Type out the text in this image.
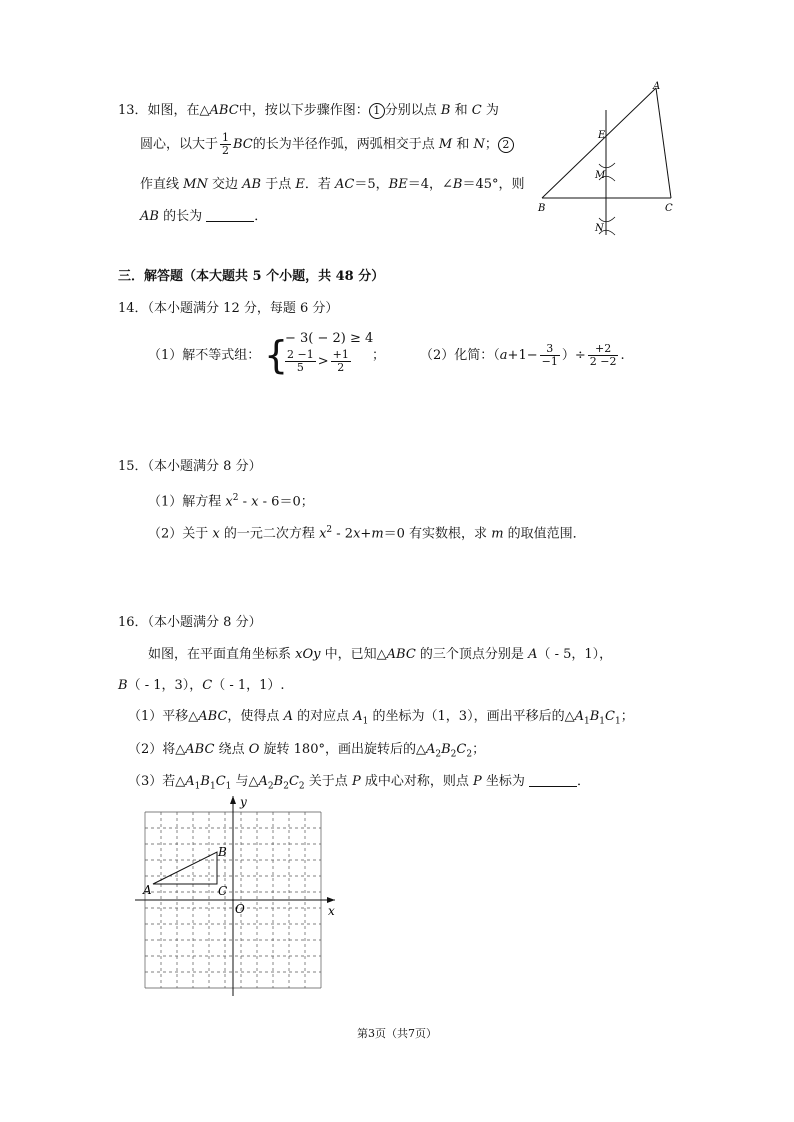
13．如图，在△ABC中，按以下步骤作图： 1 分别以点 B 和 C 为
圆心，以大于 $\frac{1}{2}$ BC的长为半径作弧，两弧相交于点 M 和 N； 2
作直线 MN 交边 AB 于点 E．若 AC＝5，BE＝4，∠B＝45°，则
AB 的长为	．
A
B	C
E
M
N
三．解答题（本大题共 5 个小题，共 48 分）
14．（本小题满分 12 分，每题 6 分）
（1）解不等式组： {
− 3( − 2) ≥ 4
$\frac{2 -1}{5} > \frac{+1}{2}$ ；	（2）化简：（$a+1- \frac{3}{-1}$ ）÷ $\frac{+2}{2 -2}$ .
15．（本小题满分 8 分）
（1）解方程 $x^2 - x - 6=0$；
（2）关于 x 的一元二次方程 $x^2 - 2x+m=0$ 有实数根，求 m 的取值范围．
16．（本小题满分 8 分）
如图，在平面直角坐标系 xOy 中，已知△ABC 的三个顶点分别是 A（ - 5，1），
B（ - 1，3），C（ - 1，1）.
（1）平移△ABC，使得点 A 的对应点 $A_1$ 的坐标为（1，3），画出平移后的$\triangle A_1B_1C_1$；
（2）将△ABC 绕点 O 旋转 180°，画出旋转后的$\triangle A_2B_2C_2$；
（3）若$\triangle A_1B_1C_1$ 与$\triangle A_2B_2C_2$ 关于点 P 成中心对称，则点 P 坐标为	．
A
B
C
O	x
y
第3页（共7页）
